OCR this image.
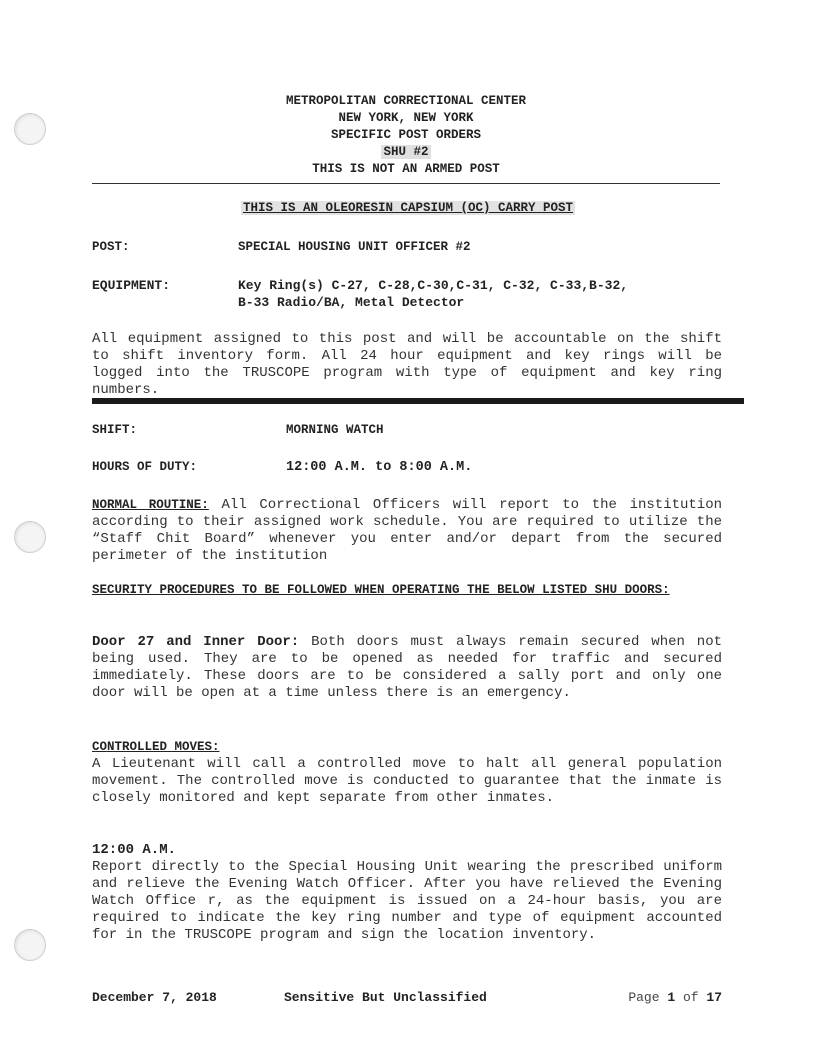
METROPOLITAN CORRECTIONAL CENTER
NEW YORK, NEW YORK
SPECIFIC POST ORDERS
SHU #2
THIS IS NOT AN ARMED POST
THIS IS AN OLEORESIN CAPSIUM (OC) CARRY POST
POST:	SPECIAL HOUSING UNIT OFFICER #2
EQUIPMENT:	Key Ring(s) C-27, C-28,C-30,C-31, C-32, C-33,B-32,
B-33 Radio/BA, Metal Detector
All equipment assigned to this post and will be accountable on the shift to shift inventory form. All 24 hour equipment and key rings will be logged into the TRUSCOPE program with type of equipment and key ring numbers.
SHIFT:	MORNING WATCH
HOURS OF DUTY:	12:00 A.M. to 8:00 A.M.
NORMAL ROUTINE: All Correctional Officers will report to the institution according to their assigned work schedule. You are required to utilize the “Staff Chit Board” whenever you enter and/or depart from the secured perimeter of the institution
SECURITY PROCEDURES TO BE FOLLOWED WHEN OPERATING THE BELOW LISTED SHU DOORS:
Door 27 and Inner Door: Both doors must always remain secured when not being used. They are to be opened as needed for traffic and secured immediately. These doors are to be considered a sally port and only one door will be open at a time unless there is an emergency.
CONTROLLED MOVES:
A Lieutenant will call a controlled move to halt all general population movement. The controlled move is conducted to guarantee that the inmate is closely monitored and kept separate from other inmates.
12:00 A.M.
Report directly to the Special Housing Unit wearing the prescribed uniform and relieve the Evening Watch Officer. After you have relieved the Evening Watch Office r, as the equipment is issued on a 24-hour basis, you are required to indicate the key ring number and type of equipment accounted for in the TRUSCOPE program and sign the location inventory.
December 7, 2018	Sensitive But Unclassified	Page 1 of 17
